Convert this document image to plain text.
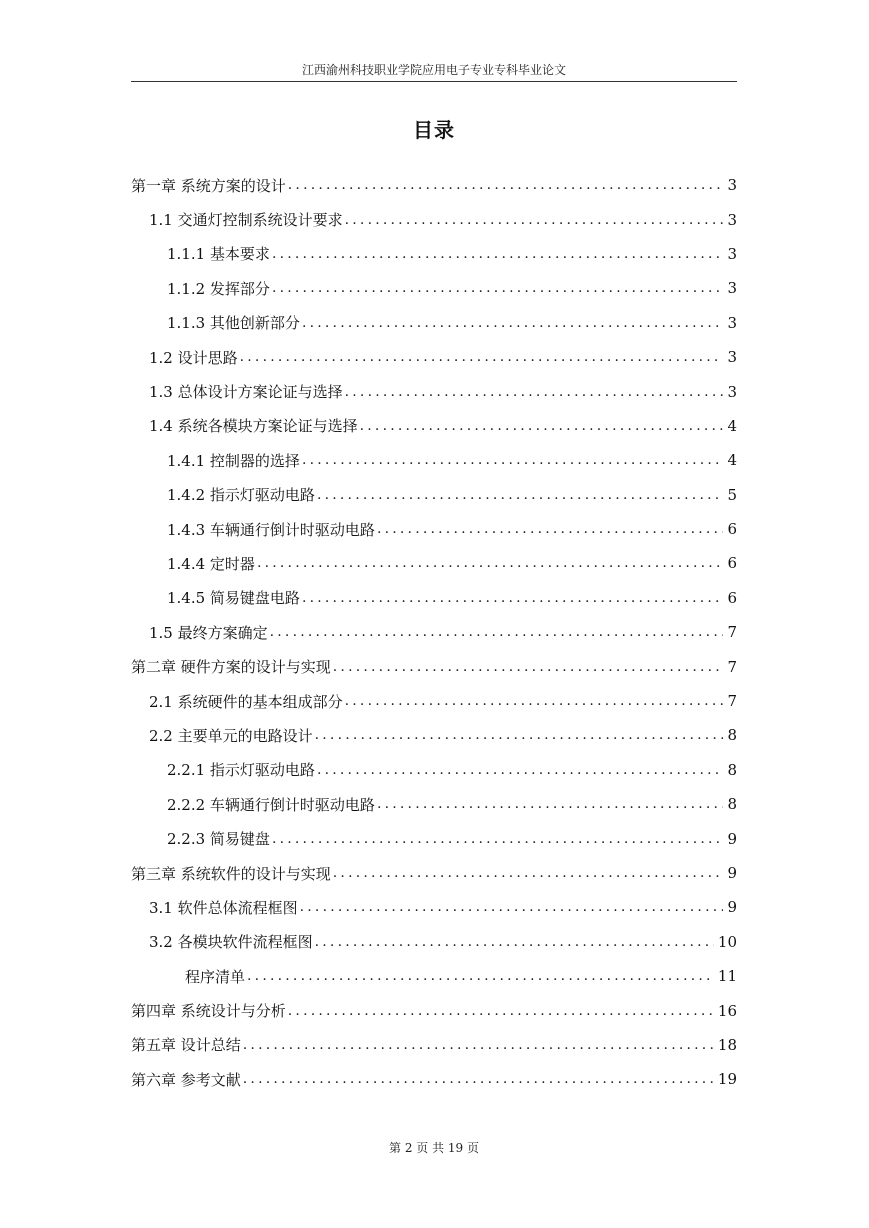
江西渝州科技职业学院应用电子专业专科毕业论文
目录
第一章 系统方案的设计 .....	3
1.1 交通灯控制系统设计要求 .....	3
1.1.1 基本要求 .....	3
1.1.2 发挥部分 .....	3
1.1.3 其他创新部分 .....	3
1.2 设计思路 .....	3
1.3 总体设计方案论证与选择 .....	3
1.4 系统各模块方案论证与选择 .....	4
1.4.1 控制器的选择 .....	4
1.4.2 指示灯驱动电路 .....	5
1.4.3 车辆通行倒计时驱动电路 .....	6
1.4.4 定时器 .....	6
1.4.5 简易键盘电路 .....	6
1.5 最终方案确定 .....	7
第二章 硬件方案的设计与实现 .....	7
2.1 系统硬件的基本组成部分 .....	7
2.2 主要单元的电路设计 .....	8
2.2.1 指示灯驱动电路 .....	8
2.2.2 车辆通行倒计时驱动电路 .....	8
2.2.3 简易键盘 .....	9
第三章 系统软件的设计与实现 .....	9
3.1 软件总体流程框图 .....	9
3.2 各模块软件流程框图 .....	10
程序清单 .....	11
第四章 系统设计与分析 .....	16
第五章 设计总结 .....	18
第六章 参考文献 .....	19
第 2 页 共 19 页
